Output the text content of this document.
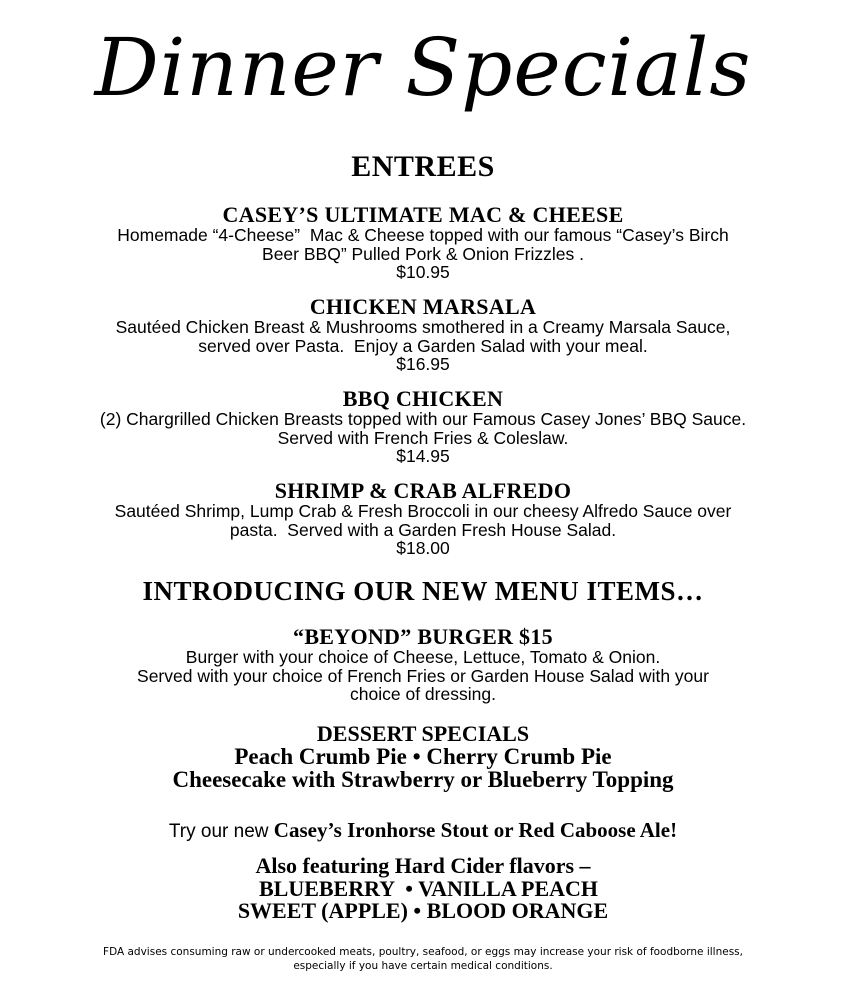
Dinner Specials
ENTREES
CASEY’S ULTIMATE MAC & CHEESE
Homemade “4-Cheese”  Mac & Cheese topped with our famous “Casey’s Birch
Beer BBQ” Pulled Pork & Onion Frizzles .
$10.95
CHICKEN MARSALA
Sautéed Chicken Breast & Mushrooms smothered in a Creamy Marsala Sauce,
served over Pasta.  Enjoy a Garden Salad with your meal.
$16.95
BBQ CHICKEN
(2) Chargrilled Chicken Breasts topped with our Famous Casey Jones’ BBQ Sauce.
Served with French Fries & Coleslaw.
$14.95
SHRIMP & CRAB ALFREDO
Sautéed Shrimp, Lump Crab & Fresh Broccoli in our cheesy Alfredo Sauce over
pasta.  Served with a Garden Fresh House Salad.
$18.00
INTRODUCING OUR NEW MENU ITEMS…
“BEYOND” BURGER $15
Burger with your choice of Cheese, Lettuce, Tomato & Onion.
Served with your choice of French Fries or Garden House Salad with your
choice of dressing.
DESSERT SPECIALS
Peach Crumb Pie • Cherry Crumb Pie
Cheesecake with Strawberry or Blueberry Topping
Try our new Casey’s Ironhorse Stout or Red Caboose Ale!
Also featuring Hard Cider flavors –
BLUEBERRY  • VANILLA PEACH
SWEET (APPLE) • BLOOD ORANGE
FDA advises consuming raw or undercooked meats, poultry, seafood, or eggs may increase your risk of foodborne illness,
especially if you have certain medical conditions.
